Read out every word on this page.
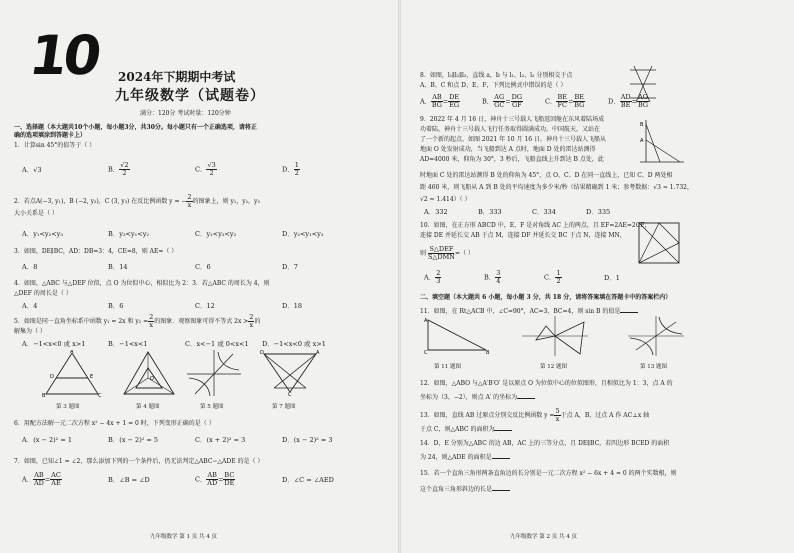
10 2024年下期期中考试
九年级数学（试题卷）
满分：120分 考试时量：120分钟
一、选择题（本大题共10个小题，每小题3分，共30分。每小题只有一个正确选项，请将正
确的选项填涂到答题卡上）
1．计算sin 45°的值等于（ ）
A．√3	B． $\frac{√2}{2}$	C． $\frac{√3}{2}$	D． $\frac{1}{2}$
2．若点A(−3, y₁)，B (−2, y₂)，C (3, y₃) 在反比例函数 y = − $\frac{2}{x}$ 的图象上，则 y₁，y₂，y₃
大小关系是（ ）
A．y₁<y₂<y₃	B．y₃<y₁<y₂	C．y₁<y₃<y₂	D．y₂<y₁<y₃
3．如图，DE∥BC，AD：DB=3：4，CE=8，则 AE=（ ）
A．8	B．14	C．6	D．7
4．如图，△ABC 与△DEF 位似，点 O 为位似中心，相似比为 2：3．若△ABC 的周长为 4，则
△DEF 的周长是（ ）
A．4	B．6	C．12	D．18
5．如图是同一直角坐标系中函数 y₁ = 2x 和 $y_2 = \frac{2}{x}$ 的图象．观察图象可得不等式 $2x > \frac{2}{x}$ 的
解集为（ ）
A．−1<x<0 或 x>1	B．−1<x<1	C．x<−1 或 0<x<1 D．−1<x<0 或 x>1
A
D	E
B	C
O
D	A
C
第 3 题图	第 4 题图	第 5 题图	第 7 题图
6．用配方法解一元二次方程 x² − 4x + 1 = 0 时，下列变形正确的是（ ）
A．(x − 2)² = 1	B．(x − 2)² = 5	C．(x + 2)² = 3	D．(x − 2)² = 3
7．如图，已知∠1 = ∠2，那么添加下列的一个条件后，仍无法判定△ABC∽△ADE 的是（ ）
A． $\frac{AB}{AD} = \frac{AC}{AE}$	B．∠B = ∠D	C． $\frac{AB}{AD} = \frac{BC}{DE}$	D．∠C = ∠AED
九年级数学 第 1 页 共 4 页
8．如图，l₁∥l₂∥l₃，直线 a，b 与 l₁、l₂、l₃ 分别相交于点
A、B、C 和点 D、E、F，下列比例式中错误的是（ ）
A． $\frac{AB}{BG} = \frac{DE}{EG}$	B． $\frac{AG}{GC} = \frac{DG}{GF}$	C． $\frac{BE}{FC} = \frac{BE}{BG}$	D． $\frac{AD}{BE} = \frac{AG}{BG}$
9．2022 年 4 月 16 日，神舟十三号载人飞船返回舱在东风着陆场成
功着陆，神舟十三号载人飞行任务取得圆满成功，中国航天，又站在
了一个新的起点，如图 2021 年 10 月 16 日，神舟十三号载人飞船从
地面 O 处发射成功，当飞船到达 A 点时，地面 D 处的雷达站测得
AD=4000 米，仰角为 30°，3 秒后，飞船直线上升到达 B 点处，此
时地面 C 处的雷达站测得 B 处的仰角为 45°，点 O、C、D 在同一直线上，已知 C、D 两处相
距 460 米，则飞船从 A 到 B 处的平均速度为多少米/秒（结果精确到 1 米；参考数据：√3 ≈ 1.732，
√2 ≈ 1.414）（ ）
B
A
A．332	B．333	C．334	D．335
10．如图，在正方形 ABCD 中，E、F 是对角线 AC 上的两点，且 EF=2AE=2CF，
连接 DE 并延长交 AB 于点 M，连接 DF 并延长交 BC 于点 N，连接 MN，
则 $\frac{\text{S△DEF}}{\text{S△DMN}}$ =（ ）
A． $\frac{2}{3}$	B． $\frac{3}{4}$	C． $\frac{1}{2}$	D．1
二、填空题（本大题共 6 小题，每小题 3 分，共 18 分，请将答案填在答题卡中的答案栏内）
11．如图，在 Rt△ACB 中，∠C=90°，AC=3，BC=4，则 sin B 的值是
A
C	B
第 11 题图	第 12 题图	第 13 题图
12．如图，△ABO 与△A′B′O′ 是以原点 O 为位似中心的位似图形，且相似比为 1：3，点 A 的
坐标为（3，−2），则点 A′ 的坐标为
13．如图，直线 AB 过原点分别交反比例函数 $y = \frac{5}{x}$ 于点 A，B，过点 A 作 AC⊥x 轴
于点 C，则△ABC 的面积为
14．D，E 分别为△ABC 的边 AB，AC 上的三等分点，且 DE∥BC，若四边形 BCED 的面积
为 24，则△ADE 的面积是
15．若一个直角三角形两条直角边的长分别是一元二次方程 x² − 6x + 4 = 0 的两个实数根，则
这个直角三角形斜边的长是
九年级数学 第 2 页 共 4 页
